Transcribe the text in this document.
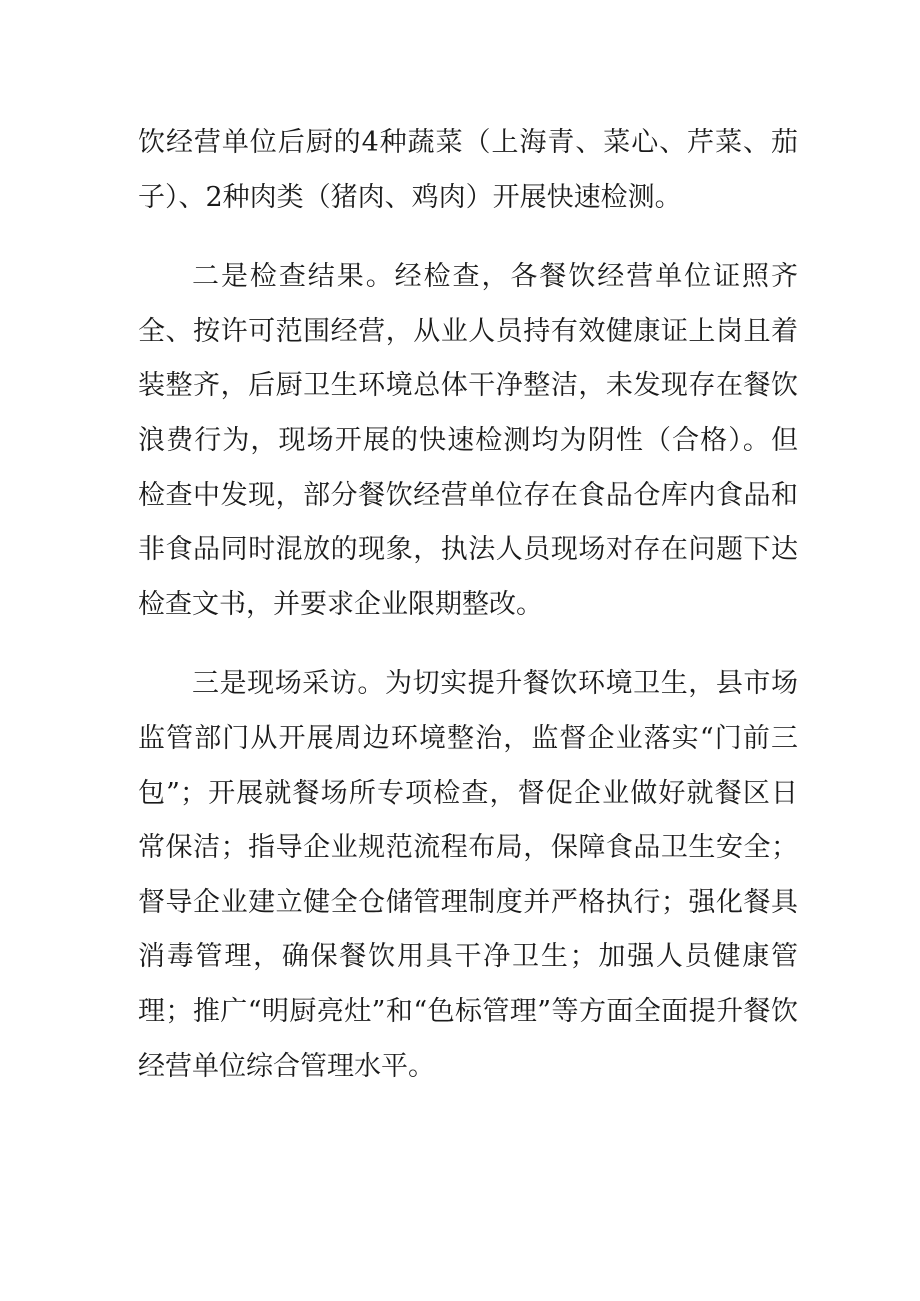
饮经营单位后厨的4种蔬菜（上海青、菜心、芹菜、茄子）、2种肉类（猪肉、鸡肉）开展快速检测。

二是检查结果。经检查，各餐饮经营单位证照齐全、按许可范围经营，从业人员持有效健康证上岗且着装整齐，后厨卫生环境总体干净整洁，未发现存在餐饮浪费行为，现场开展的快速检测均为阴性（合格）。但检查中发现，部分餐饮经营单位存在食品仓库内食品和非食品同时混放的现象，执法人员现场对存在问题下达检查文书，并要求企业限期整改。

三是现场采访。为切实提升餐饮环境卫生，县市场监管部门从开展周边环境整治，监督企业落实“门前三包”；开展就餐场所专项检查，督促企业做好就餐区日常保洁；指导企业规范流程布局，保障食品卫生安全；督导企业建立健全仓储管理制度并严格执行；强化餐具消毒管理，确保餐饮用具干净卫生；加强人员健康管理；推广“明厨亮灶”和“色标管理”等方面全面提升餐饮经营单位综合管理水平。
